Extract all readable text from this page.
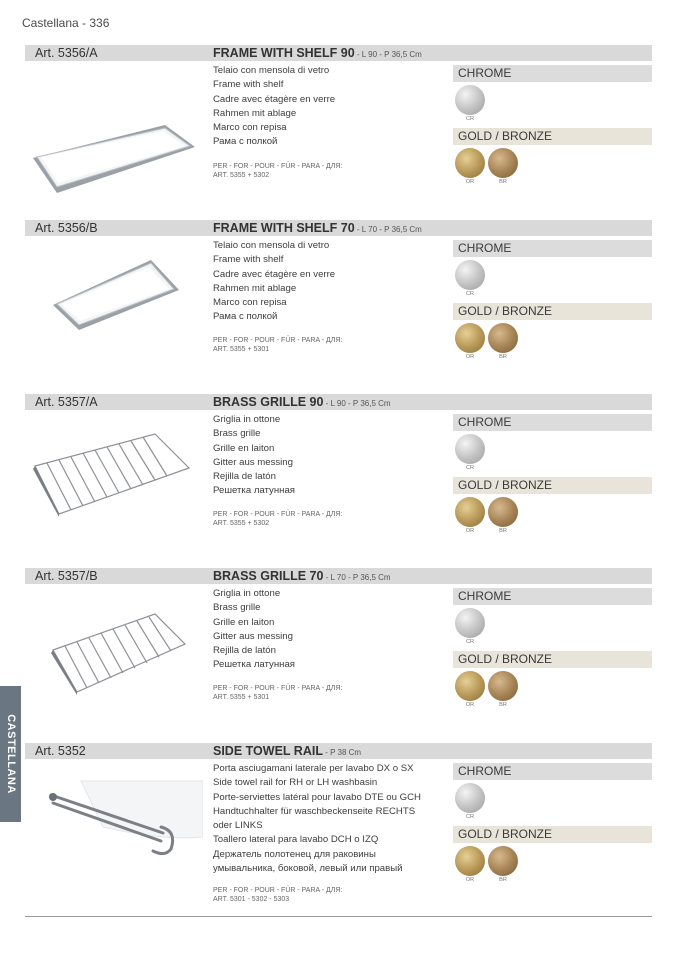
Castellana - 336
CASTELLANA
Art. 5356/A	FRAME WITH SHELF 90 - L 90 - P 36,5 Cm
Telaio con mensola di vetro
Frame with shelf
Cadre avec étagère en verre
Rahmen mit ablage
Marco con repisa
Рама с полкой
PER - FOR - POUR - FÜR - PARA - ДЛЯ:
ART. 5355 + 5302
CHROME
CR
GOLD / BRONZE
OR	BR
Art. 5356/B	FRAME WITH SHELF 70 - L 70 - P 36,5 Cm
Telaio con mensola di vetro
Frame with shelf
Cadre avec étagère en verre
Rahmen mit ablage
Marco con repisa
Рама с полкой
PER - FOR - POUR - FÜR - PARA - ДЛЯ:
ART. 5355 + 5301
CHROME
CR
GOLD / BRONZE
OR	BR
Art. 5357/A	BRASS GRILLE 90 - L 90 - P 36,5 Cm
Griglia in ottone
Brass grille
Grille en laiton
Gitter aus messing
Rejilla de latón
Решетка латунная
PER - FOR - POUR - FÜR - PARA - ДЛЯ:
ART. 5355 + 5302
CHROME
CR
GOLD / BRONZE
OR	BR
Art. 5357/B	BRASS GRILLE 70 - L 70 - P 36,5 Cm
Griglia in ottone
Brass grille
Grille en laiton
Gitter aus messing
Rejilla de latón
Решетка латунная
PER - FOR - POUR - FÜR - PARA - ДЛЯ:
ART. 5355 + 5301
CHROME
CR
GOLD / BRONZE
OR	BR
Art. 5352	SIDE TOWEL RAIL - P 38 Cm
Porta asciugamani laterale per lavabo DX o SX
Side towel rail for RH or LH washbasin
Porte-serviettes latéral pour lavabo DTE ou GCH
Handtuchhalter für waschbeckenseite RECHTS
oder LINKS
Toallero lateral para lavabo DCH o IZQ
Держатель полотенец для раковины
умывальника, боковой, левый или правый
PER - FOR - POUR - FÜR - PARA - ДЛЯ:
ART. 5301 - 5302 - 5303
CHROME
CR
GOLD / BRONZE
OR	BR
